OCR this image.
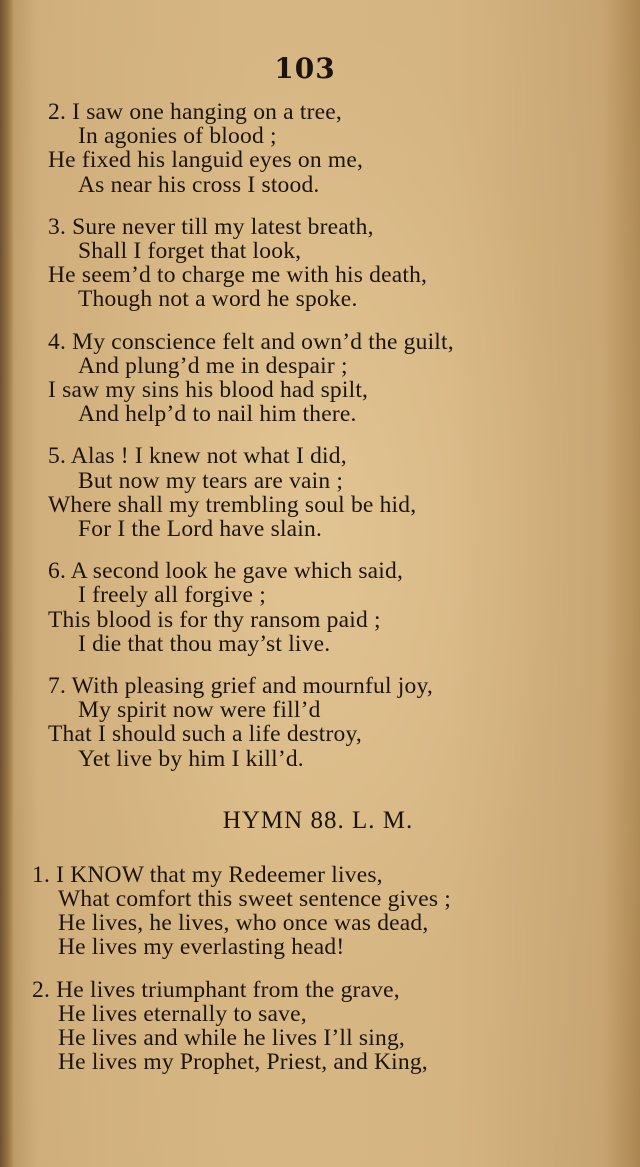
103
2. I saw one hanging on a tree,
In agonies of blood ;
He fixed his languid eyes on me,
As near his cross I stood.
3. Sure never till my latest breath,
Shall I forget that look,
He seem’d to charge me with his death,
Though not a word he spoke.
4. My conscience felt and own’d the guilt,
And plung’d me in despair ;
I saw my sins his blood had spilt,
And help’d to nail him there.
5. Alas ! I knew not what I did,
But now my tears are vain ;
Where shall my trembling soul be hid,
For I the Lord have slain.
6. A second look he gave which said,
I freely all forgive ;
This blood is for thy ransom paid ;
I die that thou may’st live.
7. With pleasing grief and mournful joy,
My spirit now were fill’d
That I should such a life destroy,
Yet live by him I kill’d.
HYMN 88. L. M.
1. I KNOW that my Redeemer lives,
What comfort this sweet sentence gives ;
He lives, he lives, who once was dead,
He lives my everlasting head!
2. He lives triumphant from the grave,
He lives eternally to save,
He lives and while he lives I’ll sing,
He lives my Prophet, Priest, and King,
